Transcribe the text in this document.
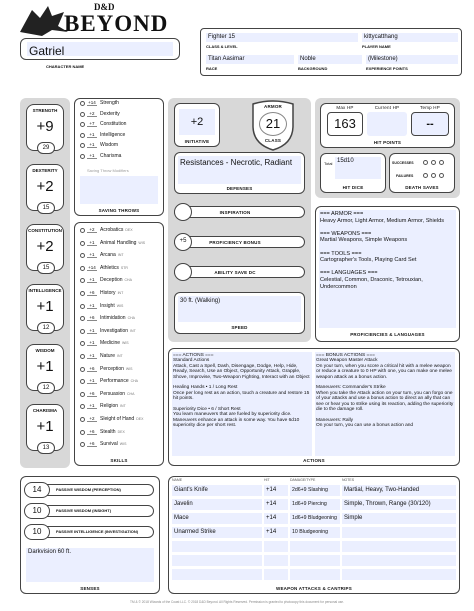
D&D
BEYOND
Gatriel
CHARACTER NAME
Fighter 15
CLASS & LEVEL
kittycatthang
PLAYER NAME
Titan Aasimar
RACE
Noble
BACKGROUND
(Milestone)
EXPERIENCE POINTS
STRENGTH
+9
29
DEXTERITY
+2
15
CONSTITUTION
+2
15
INTELLIGENCE
+1
12
WISDOM
+1
12
CHARISMA
+1
13
+14 Strength
+2	Dexterity
+7	Constitution
+1	Intelligence
+1	Wisdom
+1	Charisma
Saving Throw Modifiers
SAVING THROWS
+2	Acrobatics DEX
+1	Animal Handling WIS
+1	Arcana INT
+14 Athletics STR
+1	Deception CHA
+6	History INT
+1	Insight WIS
+6	Intimidation CHA
+1	Investigation INT
+1	Medicine WIS
+1	Nature INT
+6	Perception WIS
+1	Performance CHA
+6	Persuasion CHA
+1	Religion INT
+2	Sleight of Hand DEX
+6	Stealth DEX
+6	Survival WIS
SKILLS
+2
INITIATIVE
ARMOR
21
CLASS
Resistances - Necrotic, Radiant
DEFENSES
INSPIRATION
+5	PROFICIENCY BONUS
ABILITY SAVE DC
30 ft. (Walking)
SPEED
Max HP
163
Current HP	Temp HP
--
HIT POINTS
Total 15d10
HIT DICE
SUCCESSES
FAILURES
DEATH SAVES
=== ARMOR ===
Heavy Armor, Light Armor, Medium Armor, Shields

=== WEAPONS ===
Martial Weapons, Simple Weapons

=== TOOLS ===
Cartographer's Tools, Playing Card Set

=== LANGUAGES ===
Celestial, Common, Draconic, Tetrouxian, Undercommon
PROFICIENCIES & LANGUAGES
=== ACTIONS ===
Standard Actions
Attack, Cast a Spell, Dash, Disengage, Dodge, Help, Hide, Ready, Search, Use an Object, Opportunity Attack, Grapple, Shove, Improvise, Two-Weapon Fighting, Interact with an Object

Healing Hands • 1 / Long Rest
Once per long rest as an action, touch a creature and restore 15 hit points.

Superiority Dice • 6 / Short Rest
You learn maneuvers that are fueled by superiority dice. Maneuvers enhance an attack in some way. You have 6d10 superiority dice per short rest.
=== BONUS ACTIONS ===
Great Weapon Master Attack
On your turn, when you score a critical hit with a melee weapon or reduce a creature to 0 HP with one, you can make one melee weapon attack as a bonus action.

Maneuvers: Commander's Strike
When you take the Attack action on your turn, you can forgo one of your attacks and use a bonus action to direct an ally that can see or hear you to strike using its reaction, adding the superiority die to the damage roll.

Maneuvers: Rally
On your turn, you can use a bonus action and
ACTIONS
14	PASSIVE WISDOM (PERCEPTION)
10	PASSIVE WISDOM (INSIGHT)
10	PASSIVE INTELLIGENCE (INVESTIGATION)
Darkvision 60 ft.
SENSES
NAME	HIT	DAMAGE/TYPE	NOTES
Giant's Knife	+14	2d6+9 Slashing	Martial, Heavy, Two-Handed
Javelin	+14	1d6+9 Piercing	Simple, Thrown, Range (30/120)
Mace	+14	1d6+9 Bludgeoning	Simple
Unarmed Strike	+14	10 Bludgeoning
WEAPON ATTACKS & CANTRIPS
TM & © 2018 Wizards of the Coast LLC. © 2018 D&D Beyond. All Rights Reserved. Permission is granted to photocopy this document for personal use.
